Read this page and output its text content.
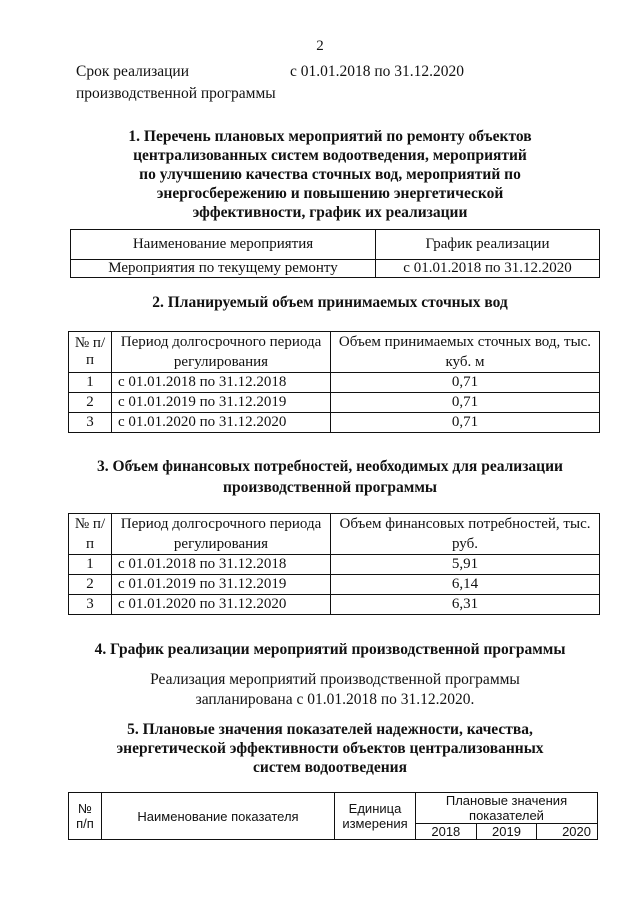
2
Срок реализации
производственной программы
с 01.01.2018 по 31.12.2020
1. Перечень плановых мероприятий по ремонту объектов
централизованных систем водоотведения, мероприятий
по улучшению качества сточных вод, мероприятий по
энергосбережению и повышению энергетической
эффективности, график их реализации
Наименование мероприятия	График реализации
Мероприятия по текущему ремонту	с 01.01.2018 по 31.12.2020
2. Планируемый объем принимаемых сточных вод
№ п/п	Период долгосрочного периода регулирования	Объем принимаемых сточных вод, тыс. куб. м
1	с 01.01.2018 по 31.12.2018	0,71
2	с 01.01.2019 по 31.12.2019	0,71
3	с 01.01.2020 по 31.12.2020	0,71
3. Объем финансовых потребностей, необходимых для реализации
производственной программы
№ п/п	Период долгосрочного периода регулирования	Объем финансовых потребностей, тыс. руб.
1	с 01.01.2018 по 31.12.2018	5,91
2	с 01.01.2019 по 31.12.2019	6,14
3	с 01.01.2020 по 31.12.2020	6,31
4. График реализации мероприятий производственной программы
Реализация мероприятий производственной программы
запланирована с 01.01.2018 по 31.12.2020.
5. Плановые значения показателей надежности, качества,
энергетической эффективности объектов централизованных
систем водоотведения
№ п/п	Наименование показателя	Единица измерения	Плановые значения показателей		
			2018	2019	2020
